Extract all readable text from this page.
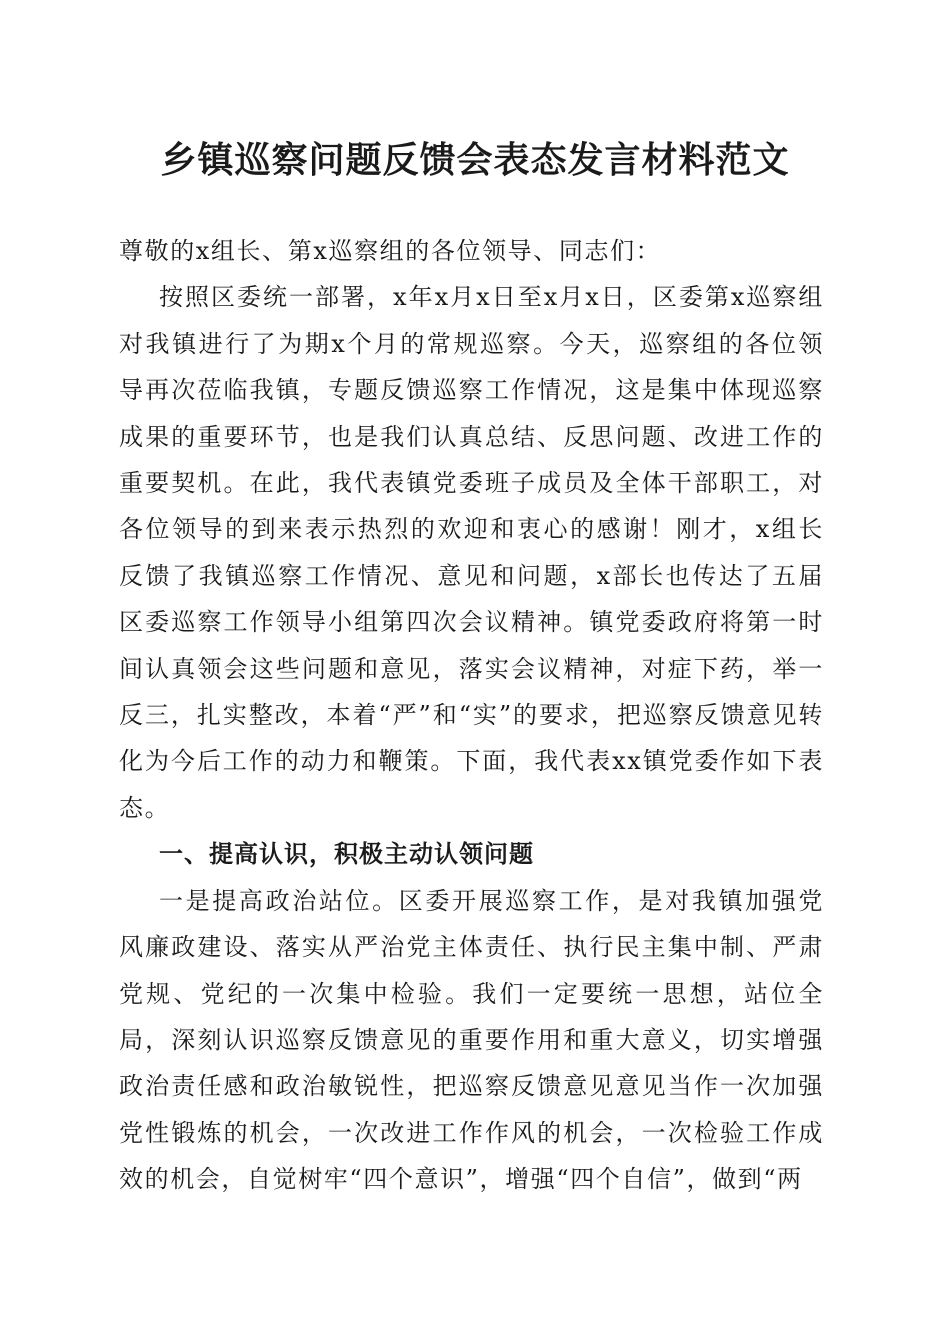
乡镇巡察问题反馈会表态发言材料范文

尊敬的x组长、第x巡察组的各位领导、同志们：

按照区委统一部署，x年x月x日至x月x日，区委第x巡察组对我镇进行了为期x个月的常规巡察。今天，巡察组的各位领导再次莅临我镇，专题反馈巡察工作情况，这是集中体现巡察成果的重要环节，也是我们认真总结、反思问题、改进工作的重要契机。在此，我代表镇党委班子成员及全体干部职工，对各位领导的到来表示热烈的欢迎和衷心的感谢！刚才，x组长反馈了我镇巡察工作情况、意见和问题，x部长也传达了五届区委巡察工作领导小组第四次会议精神。镇党委政府将第一时间认真领会这些问题和意见，落实会议精神，对症下药，举一反三，扎实整改，本着“严”和“实”的要求，把巡察反馈意见转化为今后工作的动力和鞭策。下面，我代表xx镇党委作如下表态。

一、提高认识，积极主动认领问题

一是提高政治站位。区委开展巡察工作，是对我镇加强党风廉政建设、落实从严治党主体责任、执行民主集中制、严肃党规、党纪的一次集中检验。我们一定要统一思想，站位全局，深刻认识巡察反馈意见的重要作用和重大意义，切实增强政治责任感和政治敏锐性，把巡察反馈意见意见当作一次加强党性锻炼的机会，一次改进工作作风的机会，一次检验工作成效的机会，自觉树牢“四个意识”，增强“四个自信”，做到“两
